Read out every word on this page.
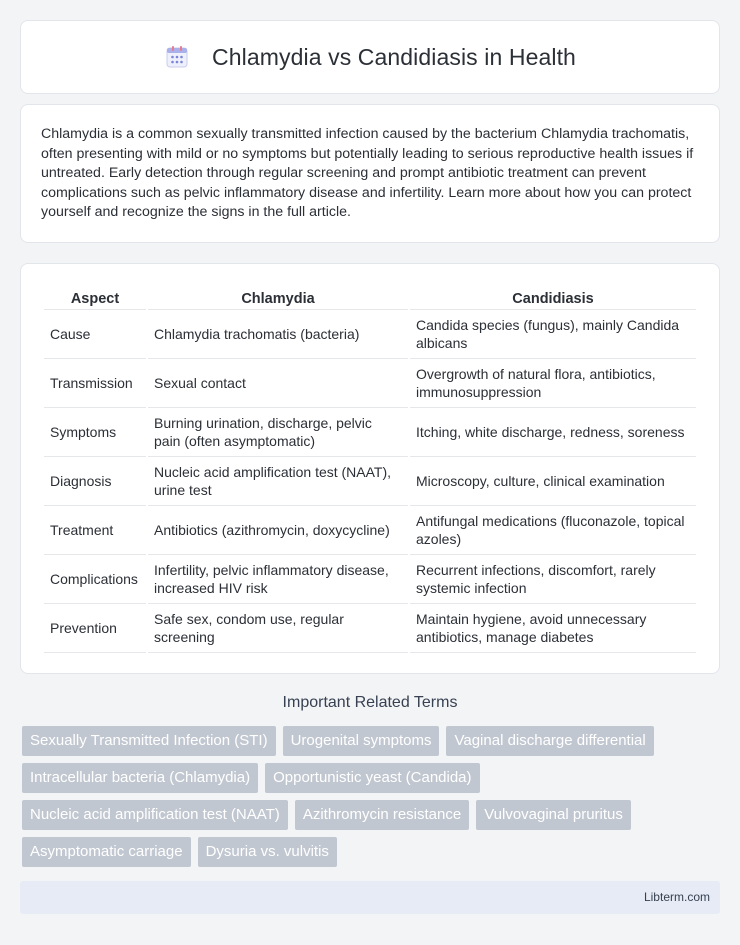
Chlamydia vs Candidiasis in Health

Chlamydia is a common sexually transmitted infection caused by the bacterium Chlamydia trachomatis, often presenting with mild or no symptoms but potentially leading to serious reproductive health issues if untreated. Early detection through regular screening and prompt antibiotic treatment can prevent complications such as pelvic inflammatory disease and infertility. Learn more about how you can protect yourself and recognize the signs in the full article.

Aspect	Chlamydia	Candidiasis
Cause	Chlamydia trachomatis (bacteria)	Candida species (fungus), mainly Candida albicans
Transmission	Sexual contact	Overgrowth of natural flora, antibiotics, immunosuppression
Symptoms	Burning urination, discharge, pelvic pain (often asymptomatic)	Itching, white discharge, redness, soreness
Diagnosis	Nucleic acid amplification test (NAAT), urine test	Microscopy, culture, clinical examination
Treatment	Antibiotics (azithromycin, doxycycline)	Antifungal medications (fluconazole, topical azoles)
Complications	Infertility, pelvic inflammatory disease, increased HIV risk	Recurrent infections, discomfort, rarely systemic infection
Prevention	Safe sex, condom use, regular screening	Maintain hygiene, avoid unnecessary antibiotics, manage diabetes
Important Related Terms
Sexually Transmitted Infection (STI)	Urogenital symptoms	Vaginal discharge differential
Intracellular bacteria (Chlamydia)	Opportunistic yeast (Candida)
Nucleic acid amplification test (NAAT)	Azithromycin resistance	Vulvovaginal pruritus
Asymptomatic carriage	Dysuria vs. vulvitis
Libterm.com
